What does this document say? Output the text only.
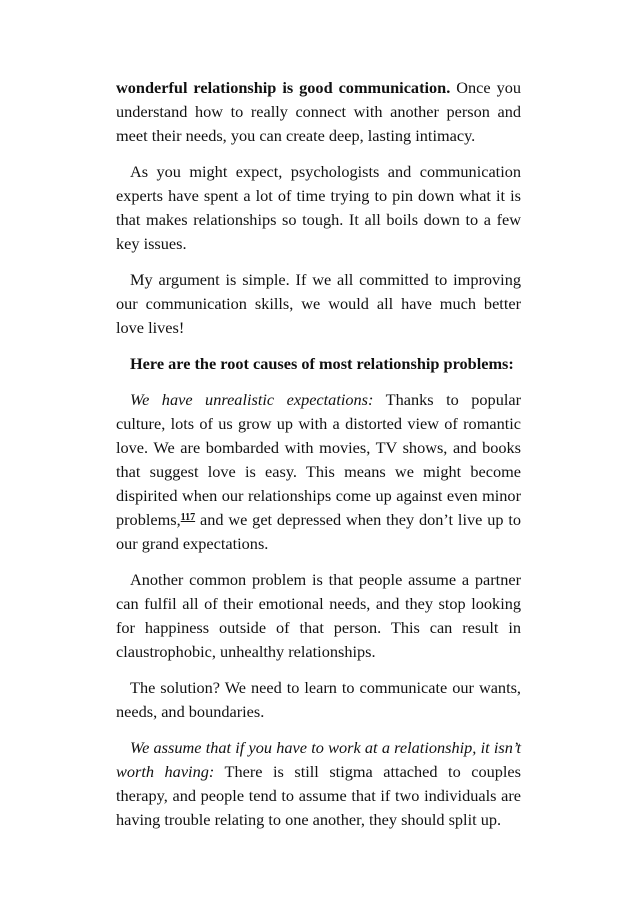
wonderful relationship is good communication. Once you understand how to really connect with another person and meet their needs, you can create deep, lasting intimacy.

As you might expect, psychologists and communication experts have spent a lot of time trying to pin down what it is that makes relationships so tough. It all boils down to a few key issues.

My argument is simple. If we all committed to improving our communication skills, we would all have much better love lives!

Here are the root causes of most relationship problems:

We have unrealistic expectations: Thanks to popular culture, lots of us grow up with a distorted view of romantic love. We are bombarded with movies, TV shows, and books that suggest love is easy. This means we might become dispirited when our relationships come up against even minor problems,$^{117}$ and we get depressed when they don’t live up to our grand expectations.

Another common problem is that people assume a partner can fulfil all of their emotional needs, and they stop looking for happiness outside of that person. This can result in claustrophobic, unhealthy relationships.

The solution? We need to learn to communicate our wants, needs, and boundaries.

We assume that if you have to work at a relationship, it isn’t worth having: There is still stigma attached to couples therapy, and people tend to assume that if two individuals are having trouble relating to one another, they should split up.
